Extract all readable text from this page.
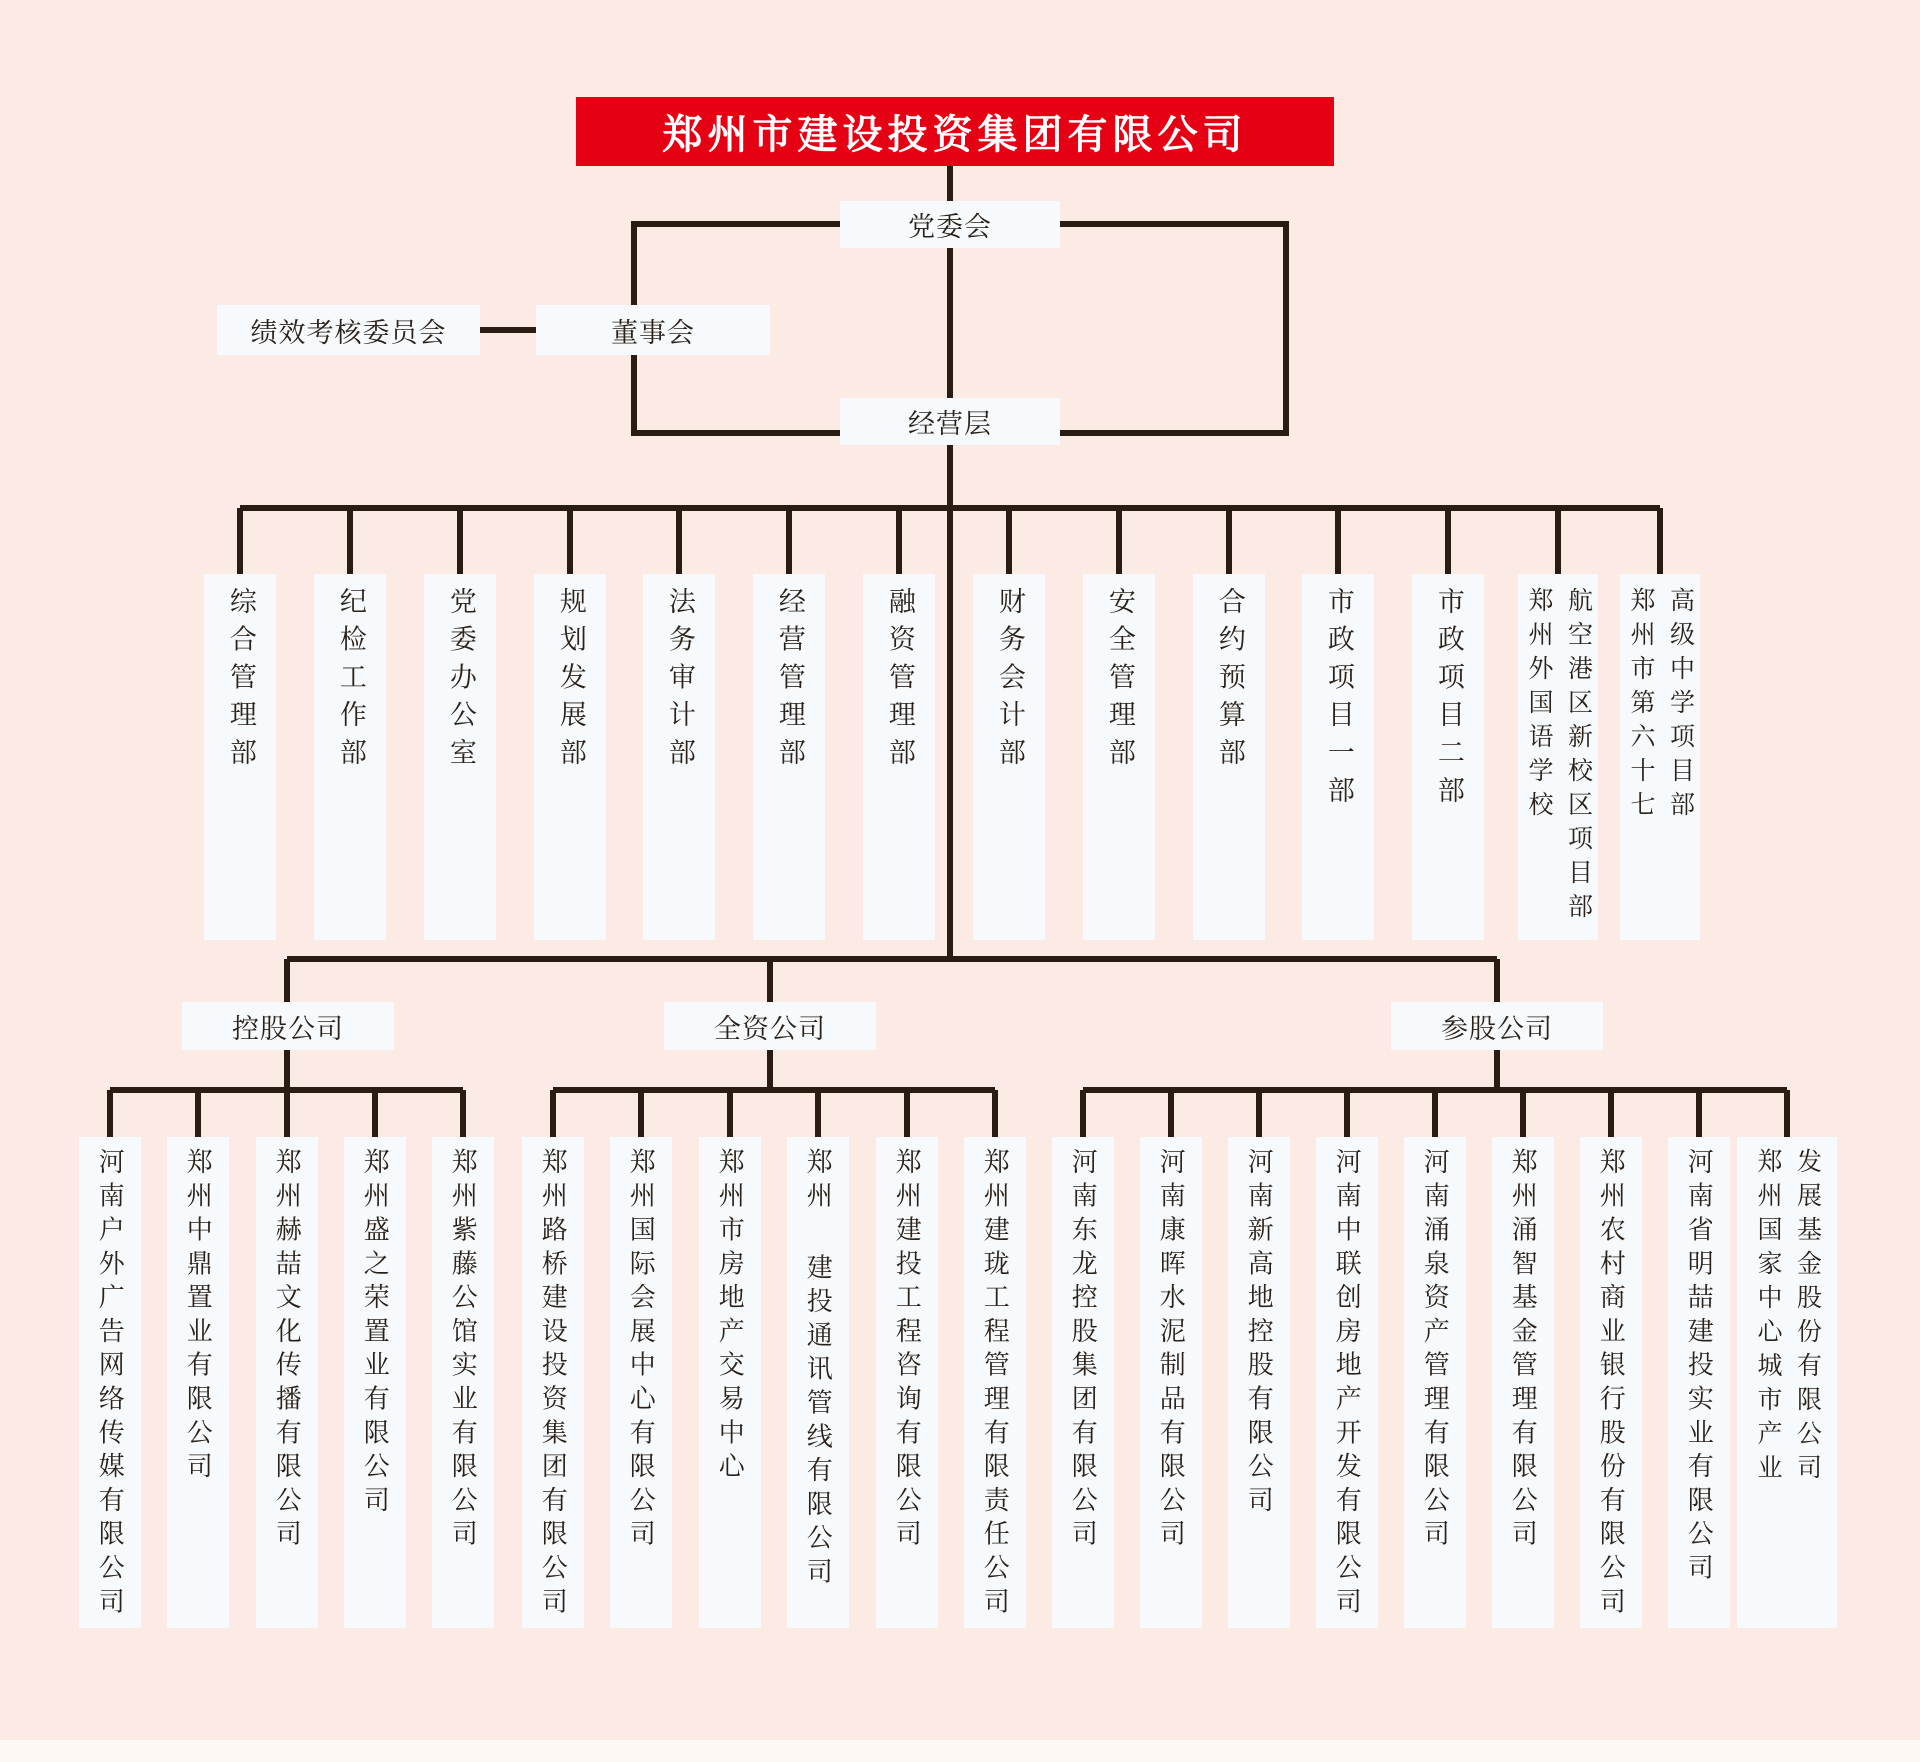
郑州市建设投资集团有限公司
党委会
绩效考核委员会	董事会
经营层
综合管理部	纪检工作部	党委办公室	规划发展部	法务审计部	经营管理部	融资管理部	财务会计部	安全管理部	合约预算部	市政项目一部	市政项目二部 郑州外国语学校 航空港区新校区项目部 郑州市第六十七 高级中学项目部
控股公司	全资公司	参股公司
河南户外广告网络传媒有限公司 郑州中鼎置业有限公司 郑州赫喆文化传播有限公司 郑州盛之荣置业有限公司 郑州紫藤公馆实业有限公司 郑州路桥建设投资集团有限公司 郑州国际会展中心有限公司 郑州市房地产交易中心 郑州 建投通讯管线有限公司 郑州建投工程咨询有限公司 郑州建珑工程管理有限责任公司 河南东龙控股集团有限公司 河南康晖水泥制品有限公司 河南新高地控股有限公司 河南中联创房地产开发有限公司 河南涌泉资产管理有限公司 郑州涌智基金管理有限公司 郑州农村商业银行股份有限公司 河南省明喆建投实业有限公司 郑州国家中心城市产业 发展基金股份有限公司
